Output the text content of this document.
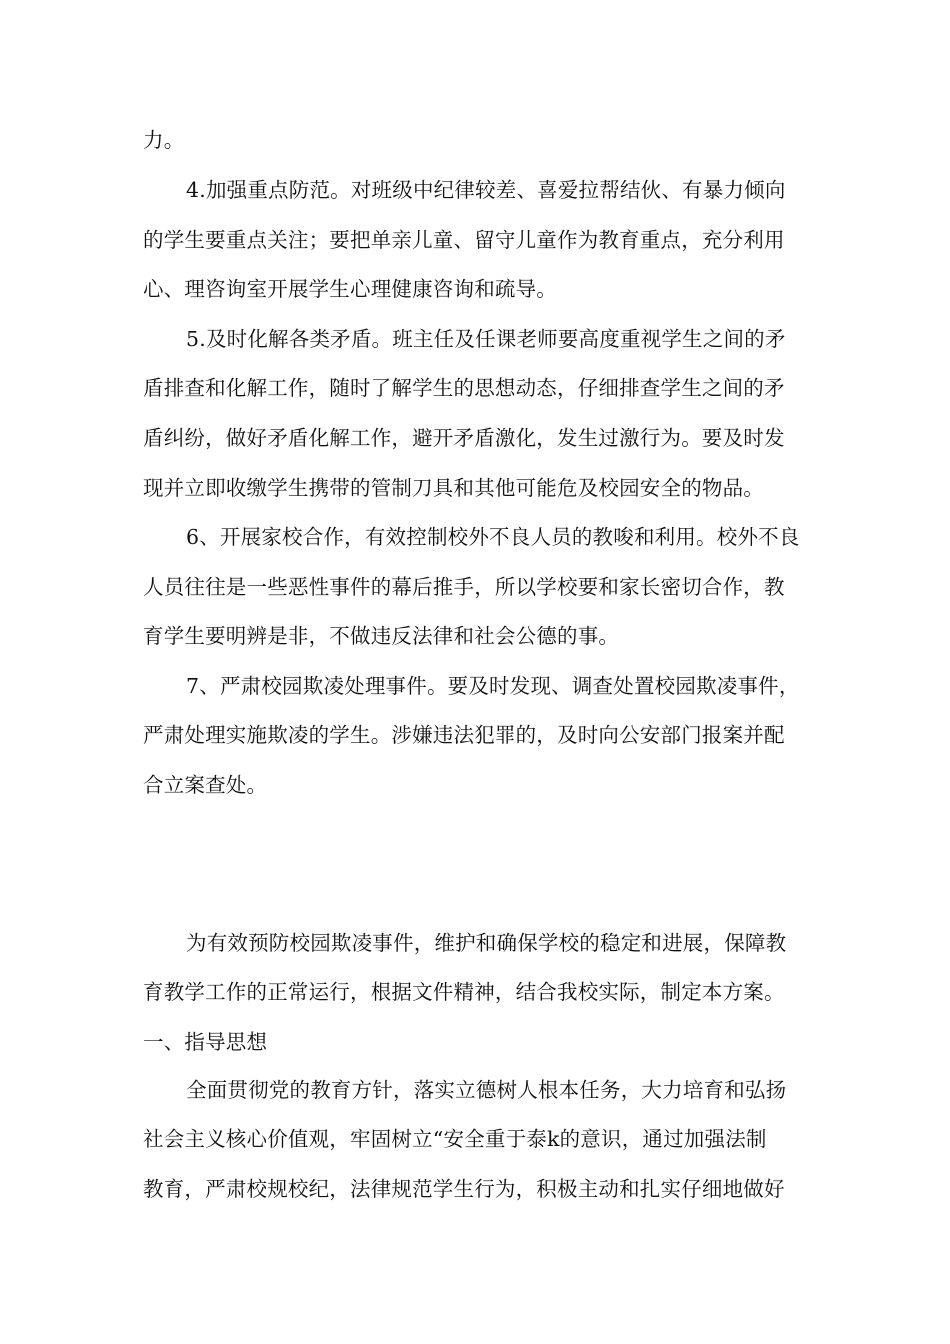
力。
4.加强重点防范。对班级中纪律较差、喜爱拉帮结伙、有暴力倾向
的学生要重点关注；要把单亲儿童、留守儿童作为教育重点，充分利用
心、理咨询室开展学生心理健康咨询和疏导。
5.及时化解各类矛盾。班主任及任课老师要高度重视学生之间的矛
盾排查和化解工作，随时了解学生的思想动态，仔细排查学生之间的矛
盾纠纷，做好矛盾化解工作，避开矛盾激化，发生过激行为。要及时发
现并立即收缴学生携带的管制刀具和其他可能危及校园安全的物品。
6、开展家校合作，有效控制校外不良人员的教唆和利用。校外不良
人员往往是一些恶性事件的幕后推手，所以学校要和家长密切合作，教
育学生要明辨是非，不做违反法律和社会公德的事。
7、严肃校园欺凌处理事件。要及时发现、调查处置校园欺凌事件，
严肃处理实施欺凌的学生。涉嫌违法犯罪的，及时向公安部门报案并配
合立案查处。
为有效预防校园欺凌事件，维护和确保学校的稳定和进展，保障教
育教学工作的正常运行，根据文件精神，结合我校实际，制定本方案。
一、指导思想
全面贯彻党的教育方针，落实立德树人根本任务，大力培育和弘扬
社会主义核心价值观，牢固树立“安全重于泰k的意识，通过加强法制
教育，严肃校规校纪，法律规范学生行为，积极主动和扎实仔细地做好
